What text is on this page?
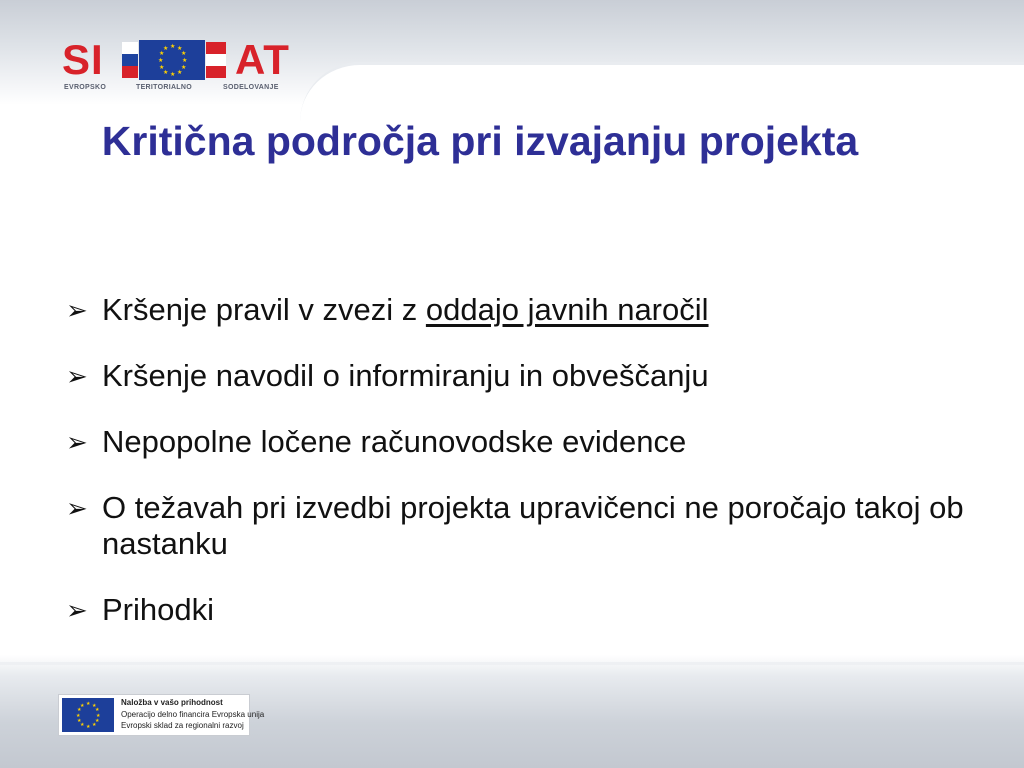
SI	★ ★
★
★
★
★
★
★
★
★
★
★ AT
EVROPSKO	TERITORIALNO	SODELOVANJE
Kritična področja pri izvajanju projekta
➢ Kršenje pravil v zvezi z oddajo javnih naročil
➢ Kršenje navodil o informiranju in obveščanju
➢ Nepopolne ločene računovodske evidence
➢ O težavah pri izvedbi projekta upravičenci ne poročajo takoj ob nastanku
➢ Prihodki
★ ★
★
★
★
★
★
★
★
★
★
★	Naložba v vašo prihodnost
Operacijo delno financira Evropska unija
Evropski sklad za regionalni razvoj
